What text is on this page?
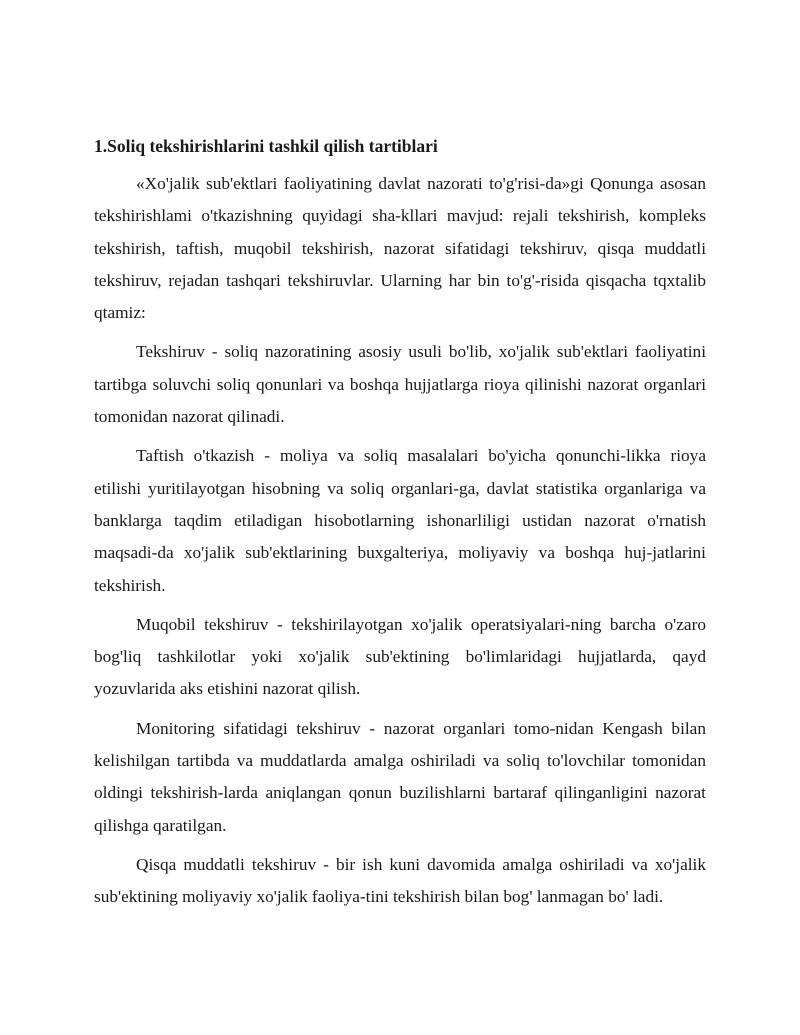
1.Soliq tekshirishlarini tashkil qilish tartiblari

«Xo'jalik sub'ektlari faoliyatining davlat nazorati to'g'risi-da»gi Qonunga asosan tekshirishlami o'tkazishning quyidagi sha-kllari mavjud: rejali tekshirish, kompleks tekshirish, taftish, muqobil tekshirish, nazorat sifatidagi tekshiruv, qisqa muddatli tekshiruv, rejadan tashqari tekshiruvlar. Ularning har bin to'g'-risida qisqacha tqxtalib qtamiz:

Tekshiruv - soliq nazoratining asosiy usuli bo'lib, xo'jalik sub'ektlari faoliyatini tartibga soluvchi soliq qonunlari va boshqa hujjatlarga rioya qilinishi nazorat organlari tomonidan nazorat qilinadi.

Taftish o'tkazish - moliya va soliq masalalari bo'yicha qonunchi-likka rioya etilishi yuritilayotgan hisobning va soliq organlari-ga, davlat statistika organlariga va banklarga taqdim etiladigan hisobotlarning ishonarliligi ustidan nazorat o'rnatish maqsadi-da xo'jalik sub'ektlarining buxgalteriya, moliyaviy va boshqa huj-jatlarini tekshirish.

Muqobil tekshiruv - tekshirilayotgan xo'jalik operatsiyalari-ning barcha o'zaro bog'liq tashkilotlar yoki xo'jalik sub'ektining bo'limlaridagi hujjatlarda, qayd yozuvlarida aks etishini nazorat qilish.

Monitoring sifatidagi tekshiruv - nazorat organlari tomo-nidan Kengash bilan kelishilgan tartibda va muddatlarda amalga oshiriladi va soliq to'lovchilar tomonidan oldingi tekshirish-larda aniqlangan qonun buzilishlarni bartaraf qilinganligini nazorat qilishga qaratilgan.

Qisqa muddatli tekshiruv - bir ish kuni davomida amalga oshiriladi va xo'jalik sub'ektining moliyaviy xo'jalik faoliya-tini tekshirish bilan bog' lanmagan bo' ladi.
